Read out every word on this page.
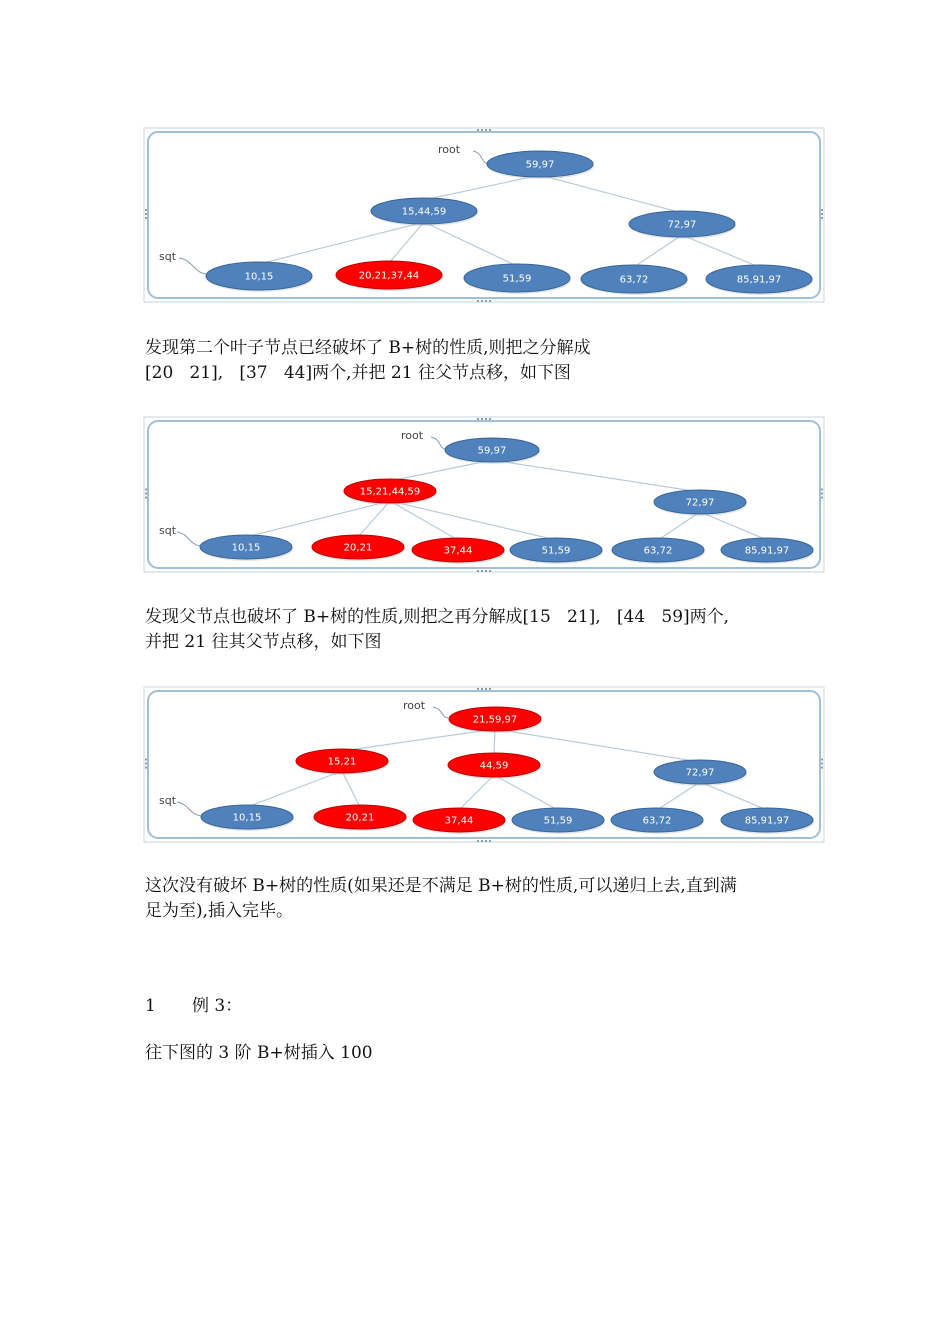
root
sqt
59,97
15,44,59
72,97
10,15	20,21,37,44	51,59	63,72	85,91,97
发现第二个叶子节点已经破坏了 B+树的性质,则把之分解成
[20   21],   [37   44]两个,并把 21 往父节点移，如下图
root
sqt
59,97
15,21,44,59
72,97
10,15	20,21	37,44	51,59	63,72	85,91,97
发现父节点也破坏了 B+树的性质,则把之再分解成[15   21],   [44   59]两个,
并把 21 往其父节点移，如下图
root
sqt
21,59,97
15,21	44,59
72,97
10,15	20,21	37,44	51,59	63,72	85,91,97
这次没有破坏 B+树的性质(如果还是不满足 B+树的性质,可以递归上去,直到满
足为至),插入完毕。
1 例 3：
往下图的 3 阶 B+树插入 100
